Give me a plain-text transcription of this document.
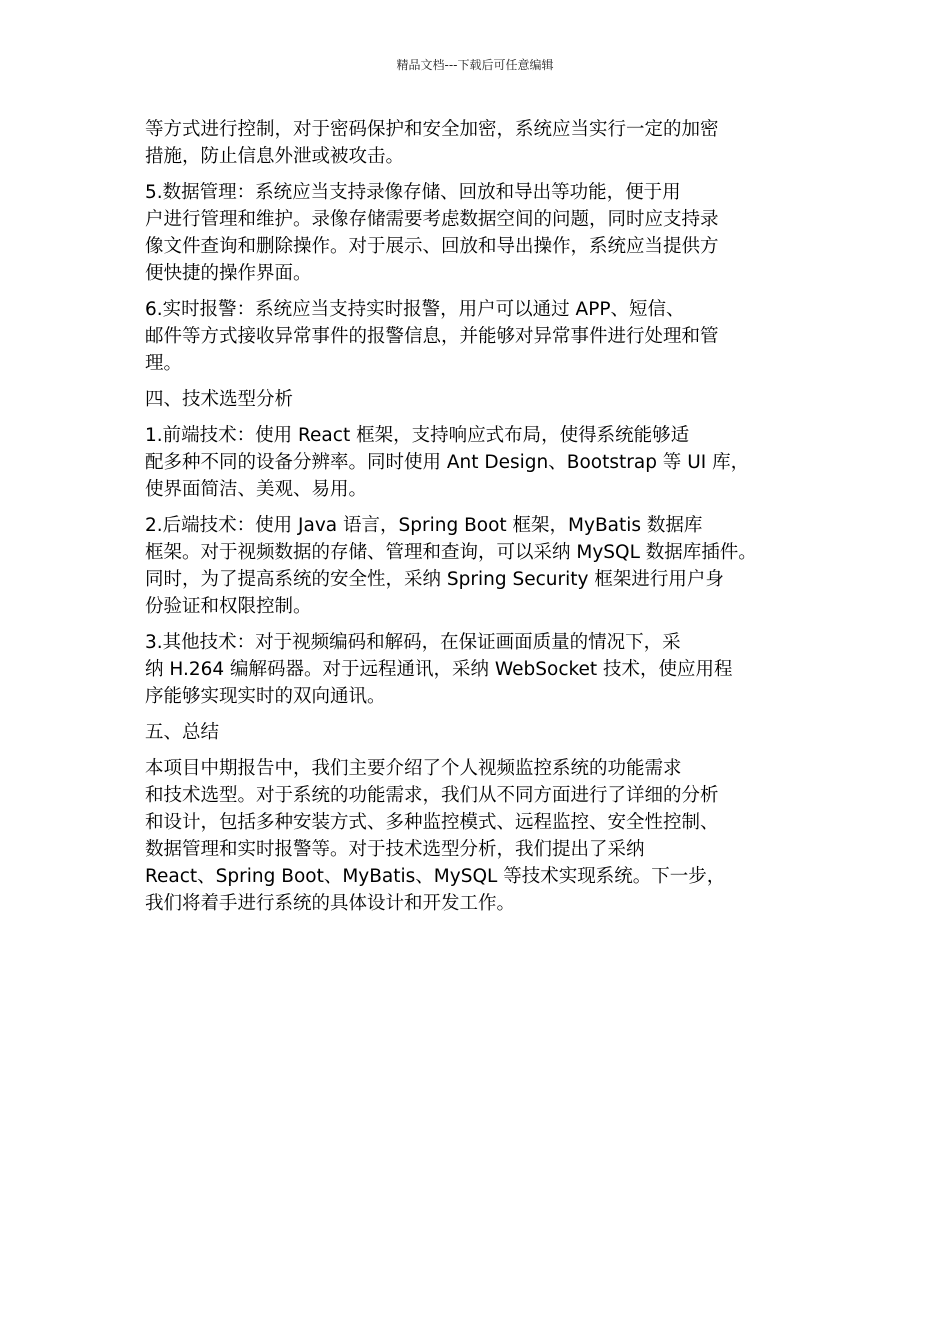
精品文档---下载后可任意编辑

等方式进行控制，对于密码保护和安全加密，系统应当实行一定的加密
措施，防止信息外泄或被攻击。

5.数据管理：系统应当支持录像存储、回放和导出等功能，便于用
户进行管理和维护。录像存储需要考虑数据空间的问题，同时应支持录
像文件查询和删除操作。对于展示、回放和导出操作，系统应当提供方
便快捷的操作界面。

6.实时报警：系统应当支持实时报警，用户可以通过 APP、短信、
邮件等方式接收异常事件的报警信息，并能够对异常事件进行处理和管
理。

四、技术选型分析

1.前端技术：使用 React 框架，支持响应式布局，使得系统能够适
配多种不同的设备分辨率。同时使用 Ant Design、Bootstrap 等 UI 库，
使界面简洁、美观、易用。

2.后端技术：使用 Java 语言，Spring Boot 框架，MyBatis 数据库
框架。对于视频数据的存储、管理和查询，可以采纳 MySQL 数据库插件。
同时，为了提高系统的安全性，采纳 Spring Security 框架进行用户身
份验证和权限控制。

3.其他技术：对于视频编码和解码，在保证画面质量的情况下，采
纳 H.264 编解码器。对于远程通讯，采纳 WebSocket 技术，使应用程
序能够实现实时的双向通讯。

五、总结

本项目中期报告中，我们主要介绍了个人视频监控系统的功能需求
和技术选型。对于系统的功能需求，我们从不同方面进行了详细的分析
和设计，包括多种安装方式、多种监控模式、远程监控、安全性控制、
数据管理和实时报警等。对于技术选型分析，我们提出了采纳
React、Spring Boot、MyBatis、MySQL 等技术实现系统。下一步，
我们将着手进行系统的具体设计和开发工作。
